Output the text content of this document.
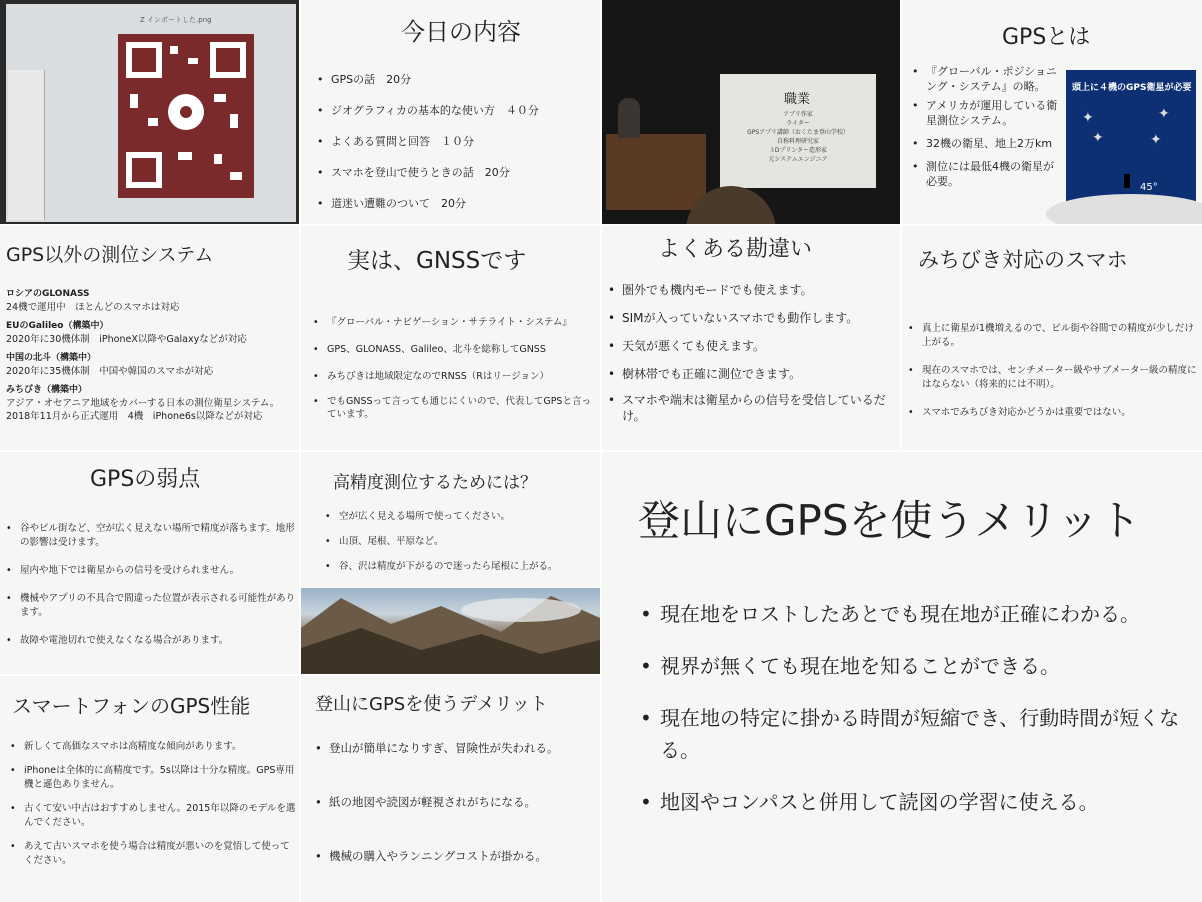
Z インポートした.png	今日の内容
• GPSの話　20分
• ジオグラフィカの基本的な使い方　４０分
• よくある質問と回答　１０分
• スマホを登山で使うときの話　20分
• 道迷い遭難のついて　20分
職業
アプリ作家
ライター
GPSアプリ講師（おくたま登山学校）
自称料理研究家
３Dプリンター造形家
元システムエンジニア
GPSとは
• 『グローバル・ポジショニング・システム』の略。
• アメリカが運用している衛星測位システム。
• 32機の衛星、地上2万km
• 測位には最低4機の衛星が必要。
頭上に４機のGPS衛星が必要
✦	✦
✦	✦
45°
GPS以外の測位システム
ロシアのGLONASS
24機で運用中　ほとんどのスマホは対応
EUのGalileo（構築中）
2020年に30機体制　iPhoneX以降やGalaxyなどが対応
中国の北斗（構築中）
2020年に35機体制　中国や韓国のスマホが対応
みちびき（構築中）
アジア・オセアニア地域をカバーする日本の測位衛星システム。
2018年11月から正式運用　4機　iPhone6s以降などが対応
実は、GNSSです
• 『グローバル・ナビゲーション・サテライト・システム』
• GPS、GLONASS、Galileo、北斗を総称してGNSS
• みちびきは地域限定なのでRNSS（Rはリージョン）
• でもGNSSって言っても通じにくいので、代表してGPSと言っています。
よくある勘違い
• 圏外でも機内モードでも使えます。
• SIMが入っていないスマホでも動作します。
• 天気が悪くても使えます。
• 樹林帯でも正確に測位できます。
• スマホや端末は衛星からの信号を受信しているだけ。
みちびき対応のスマホ
• 真上に衛星が1機増えるので、ビル街や谷間での精度が少しだけ上がる。
• 現在のスマホでは、センチメーター級やサブメーター級の精度にはならない（将来的には不明）。
• スマホでみちびき対応かどうかは重要ではない。
GPSの弱点
• 谷やビル街など、空が広く見えない場所で精度が落ちます。地形の影響は受けます。
• 屋内や地下では衛星からの信号を受けられません。
• 機械やアプリの不具合で間違った位置が表示される可能性があります。
• 故障や電池切れで使えなくなる場合があります。
高精度測位するためには？
• 空が広く見える場所で使ってください。
• 山頂、尾根、平原など。
• 谷、沢は精度が下がるので迷ったら尾根に上がる。
登山にGPSを使うメリット
• 現在地をロストしたあとでも現在地が正確にわかる。
• 視界が無くても現在地を知ることができる。
• 現在地の特定に掛かる時間が短縮でき、行動時間が短くなる。
• 地図やコンパスと併用して読図の学習に使える。
スマートフォンのGPS性能
• 新しくて高価なスマホは高精度な傾向があります。
• iPhoneは全体的に高精度です。5s以降は十分な精度。GPS専用機と遜色ありません。
• 古くて安い中古はおすすめしません。2015年以降のモデルを選んでください。
• あえて古いスマホを使う場合は精度が悪いのを覚悟して使ってください。
登山にGPSを使うデメリット
• 登山が簡単になりすぎ、冒険性が失われる。
• 紙の地図や読図が軽視されがちになる。
• 機械の購入やランニングコストが掛かる。
